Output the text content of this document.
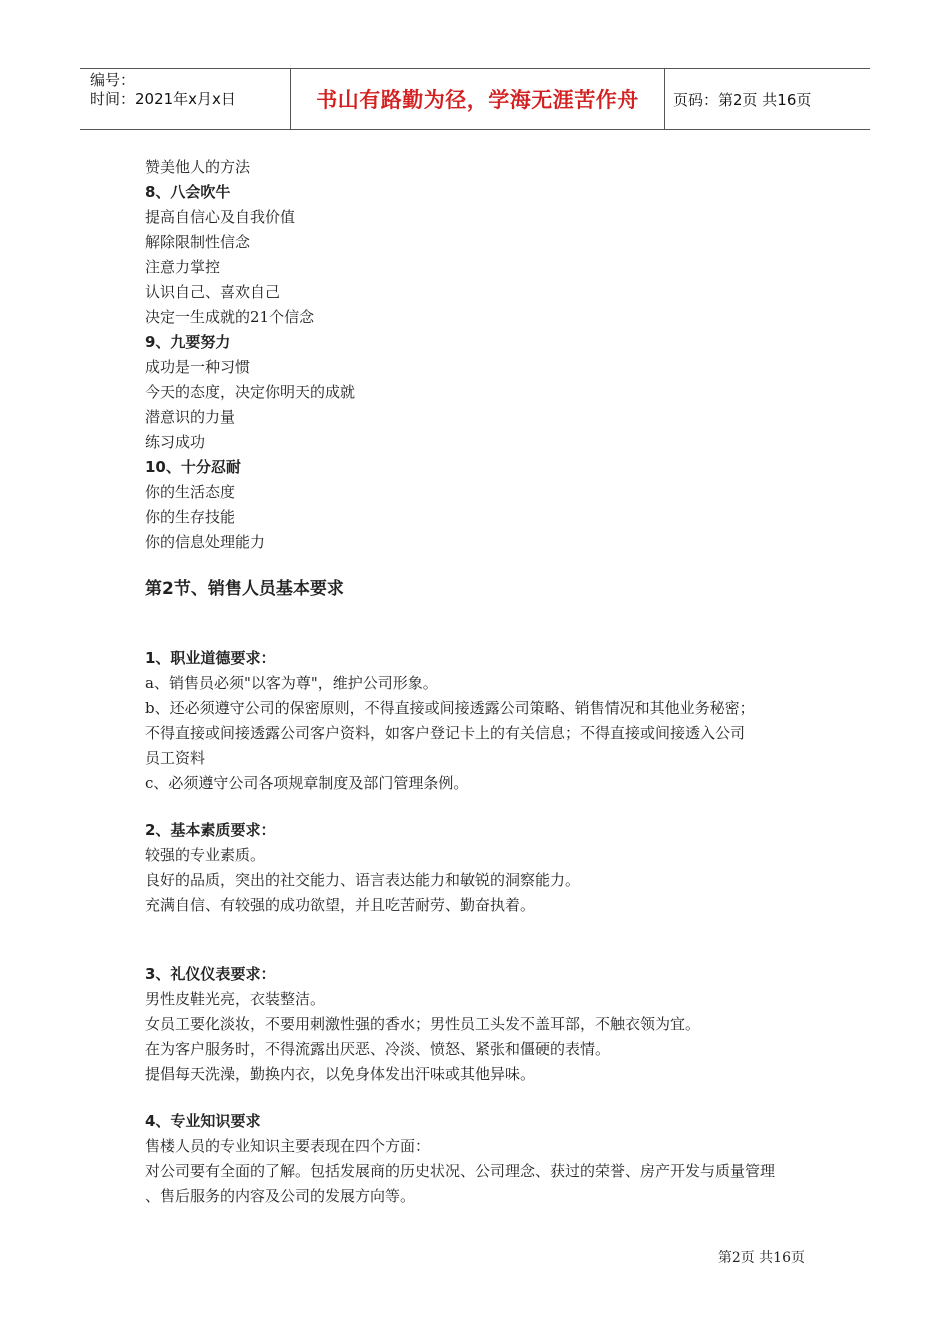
编号：
时间：2021年x月x日	书山有路勤为径，学海无涯苦作舟	页码：第2页 共16页
赞美他人的方法
8、八会吹牛
提高自信心及自我价值
解除限制性信念
注意力掌控
认识自己、喜欢自己
决定一生成就的21个信念
9、九要努力
成功是一种习惯
今天的态度，决定你明天的成就
潜意识的力量
练习成功
10、十分忍耐
你的生活态度
你的生存技能
你的信息处理能力
第2节、销售人员基本要求
1、职业道德要求：
a、销售员必须"以客为尊"，维护公司形象。
b、还必须遵守公司的保密原则，不得直接或间接透露公司策略、销售情况和其他业务秘密；
不得直接或间接透露公司客户资料，如客户登记卡上的有关信息；不得直接或间接透入公司
员工资料
c、必须遵守公司各项规章制度及部门管理条例。
2、基本素质要求：
较强的专业素质。
良好的品质，突出的社交能力、语言表达能力和敏锐的洞察能力。
充满自信、有较强的成功欲望，并且吃苦耐劳、勤奋执着。
3、礼仪仪表要求：
男性皮鞋光亮，衣装整洁。
女员工要化淡妆，不要用刺激性强的香水；男性员工头发不盖耳部，不触衣领为宜。
在为客户服务时，不得流露出厌恶、冷淡、愤怒、紧张和僵硬的表情。
提倡每天洗澡，勤换内衣，以免身体发出汗味或其他异味。
4、专业知识要求
售楼人员的专业知识主要表现在四个方面：
对公司要有全面的了解。包括发展商的历史状况、公司理念、获过的荣誉、房产开发与质量管理
、售后服务的内容及公司的发展方向等。
第2页 共16页
